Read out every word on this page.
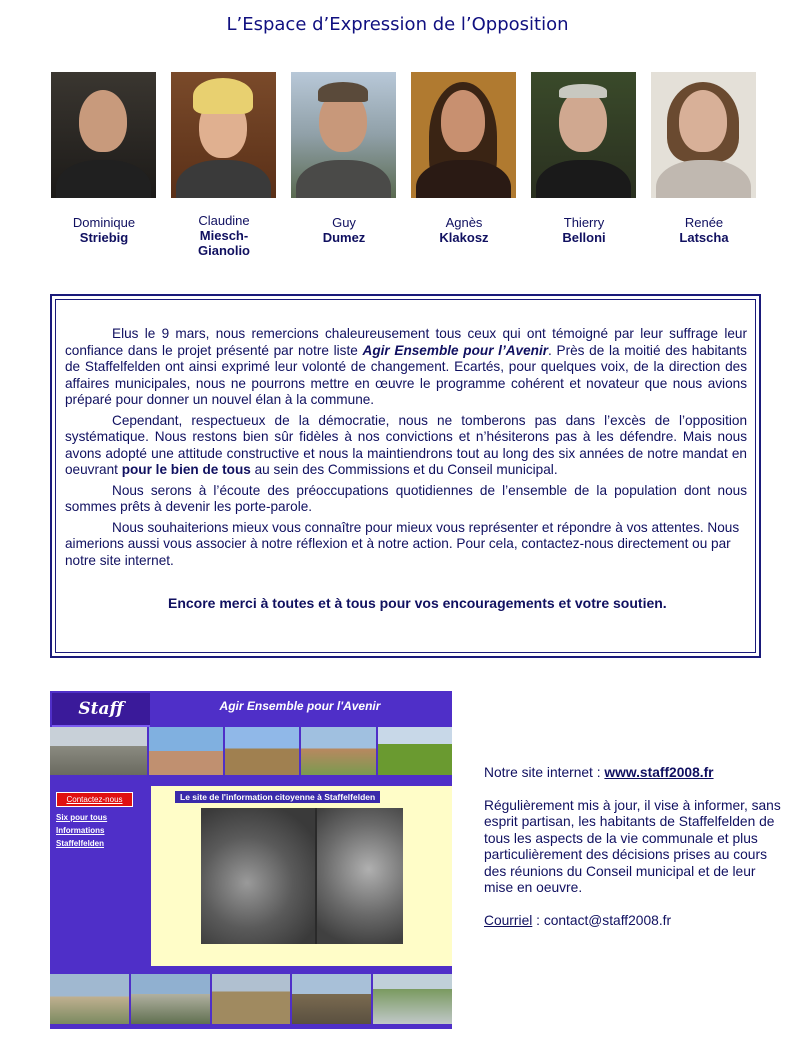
L’Espace d’Expression de l’Opposition
Dominique
Striebig
Claudine
Miesch-Gianolio
Guy
Dumez
Agnès
Klakosz
Thierry
Belloni
Renée
Latscha

Elus le 9 mars, nous remercions chaleureusement tous ceux qui ont témoigné par leur suffrage leur confiance dans le projet présenté par notre liste Agir Ensemble pour l’Avenir. Près de la moitié des habitants de Staffelfelden ont ainsi exprimé leur volonté de changement. Ecartés, pour quelques voix, de la direction des affaires municipales, nous ne pourrons mettre en œuvre le programme cohérent et novateur que nous avions préparé pour donner un nouvel élan à la commune.

Cependant, respectueux de la démocratie, nous ne tomberons pas dans l’excès de l’opposition systématique. Nous restons bien sûr fidèles à nos convictions et n’hésiterons pas à les défendre. Mais nous avons adopté une attitude constructive et nous la maintiendrons tout au long des six années de notre mandat en oeuvrant pour le bien de tous au sein des Commissions et du Conseil municipal.

Nous serons à l’écoute des préoccupations quotidiennes de l’ensemble de la population dont nous sommes prêts à devenir les porte-parole.

Nous souhaiterions mieux vous connaître pour mieux vous représenter et répondre à vos attentes. Nous aimerions aussi vous associer à notre réflexion et à notre action. Pour cela, contactez-nous directement ou par notre site internet.

Encore merci à toutes et à tous pour vos encouragements et votre soutien.

Staff	Agir Ensemble pour l'Avenir
Contactez-nous
Six pour tous
Informations
Staffelfelden
Le site de l'information citoyenne à Staffelfelden

Notre site internet : www.staff2008.fr

Régulièrement mis à jour, il vise à informer, sans esprit partisan, les habitants de Staffelfelden de tous les aspects de la vie communale et plus particulièrement des décisions prises au cours des réunions du Conseil municipal et de leur mise en oeuvre.

Courriel : contact@staff2008.fr
